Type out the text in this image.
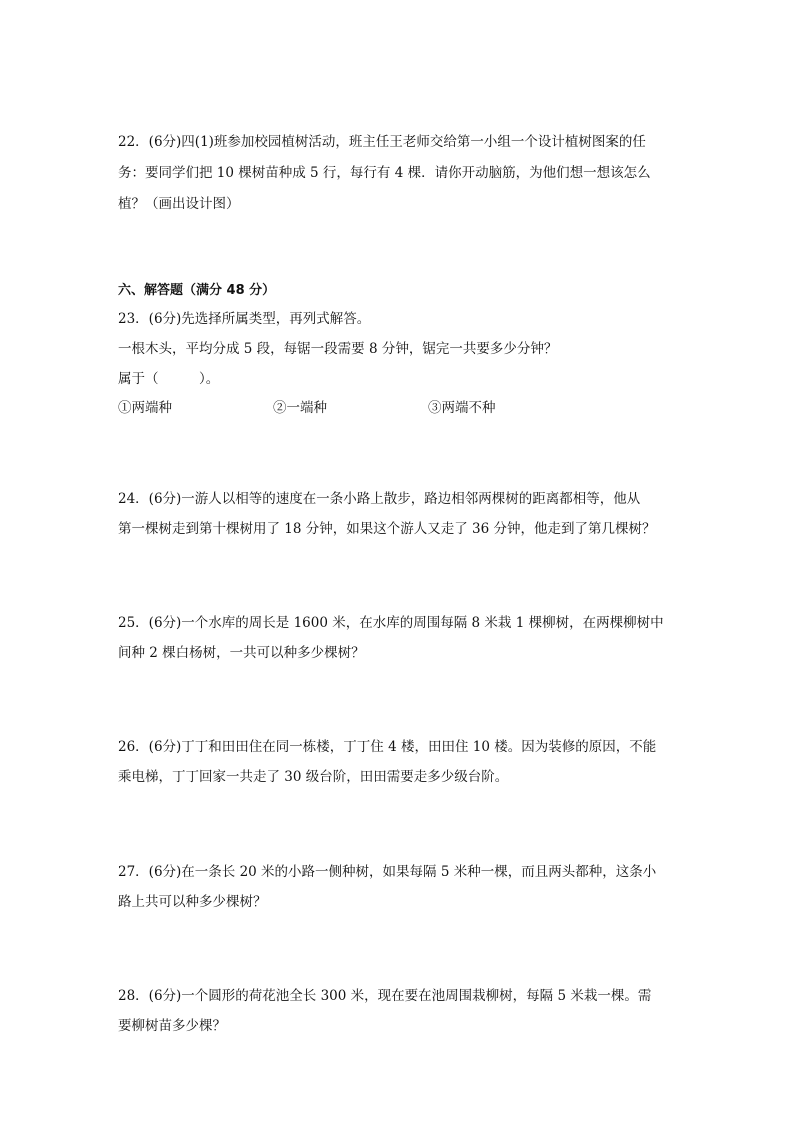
22．(6分)四(1)班参加校园植树活动，班主任王老师交给第一小组一个设计植树图案的任
务：要同学们把 10 棵树苗种成 5 行，每行有 4 棵．请你开动脑筋，为他们想一想该怎么
植？（画出设计图）
六、解答题（满分 48 分）
23．(6分)先选择所属类型，再列式解答。
一根木头，平均分成 5 段，每锯一段需要 8 分钟，锯完一共要多少分钟？
属于（　　　）。
①两端种	②一端种	③两端不种
24．(6分)一游人以相等的速度在一条小路上散步，路边相邻两棵树的距离都相等，他从
第一棵树走到第十棵树用了 18 分钟，如果这个游人又走了 36 分钟，他走到了第几棵树？
25．(6分)一个水库的周长是 1600 米，在水库的周围每隔 8 米栽 1 棵柳树，在两棵柳树中
间种 2 棵白杨树，一共可以种多少棵树？
26．(6分)丁丁和田田住在同一栋楼，丁丁住 4 楼，田田住 10 楼。因为装修的原因，不能
乘电梯，丁丁回家一共走了 30 级台阶，田田需要走多少级台阶。
27．(6分)在一条长 20 米的小路一侧种树，如果每隔 5 米种一棵，而且两头都种，这条小
路上共可以种多少棵树？
28．(6分)一个圆形的荷花池全长 300 米，现在要在池周围栽柳树，每隔 5 米栽一棵。需
要柳树苗多少棵？
